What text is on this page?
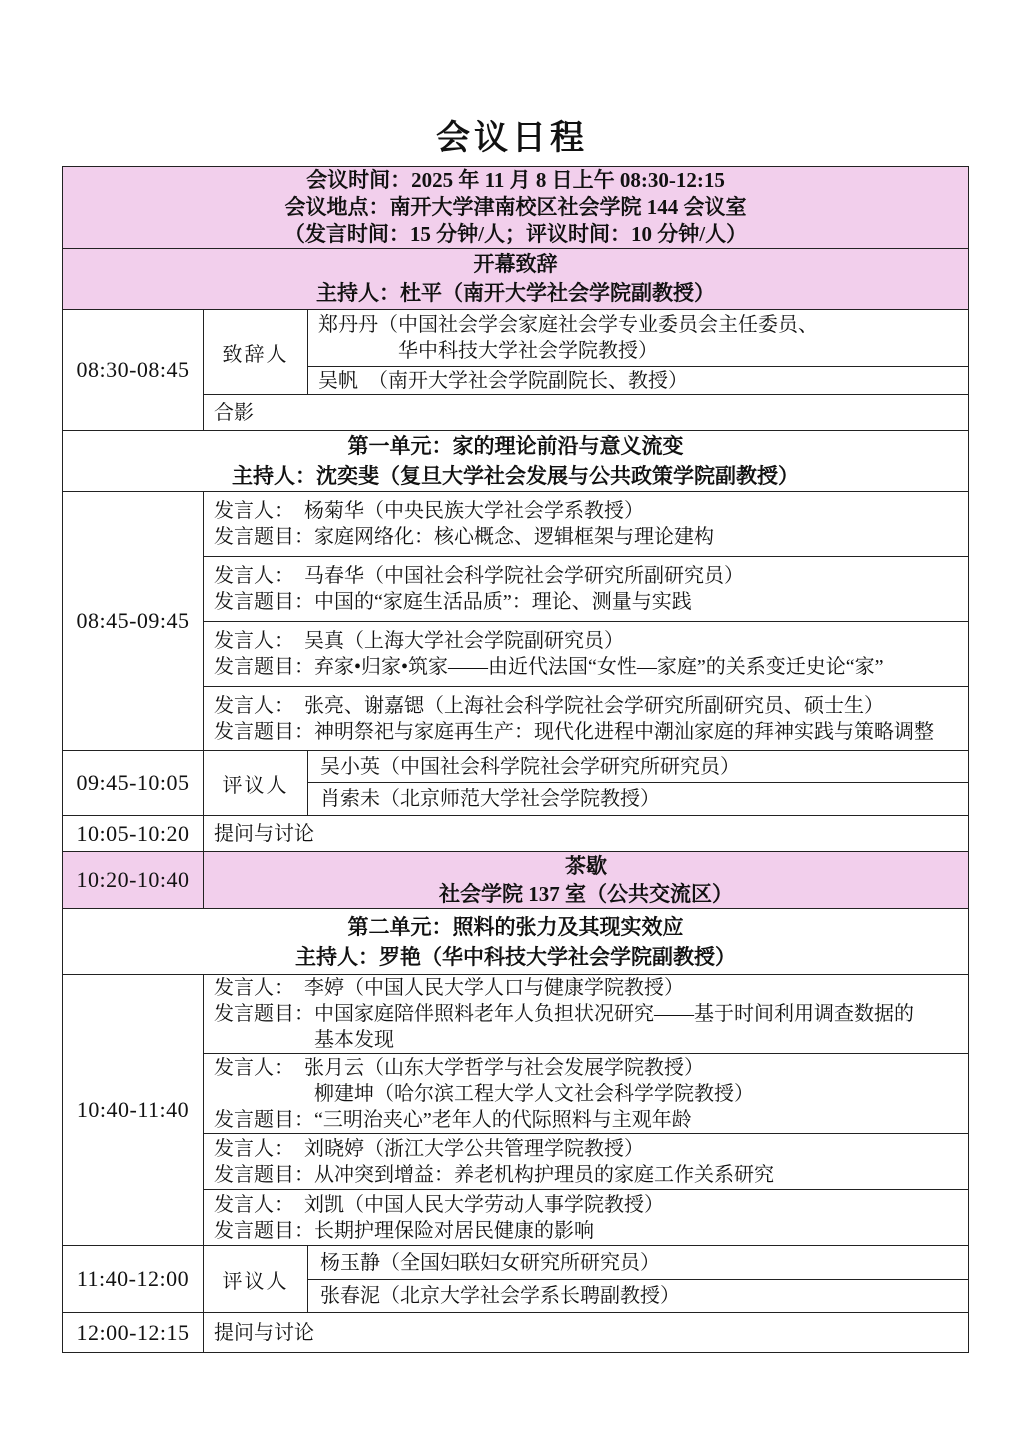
会议日程
会议时间：2025 年 11 月 8 日上午 08:30-12:15
会议地点：南开大学津南校区社会学院 144 会议室
（发言时间：15 分钟/人；评议时间：10 分钟/人）		

开幕致辞
主持人：杜平（南开大学社会学院副教授）		

08:30-08:45	致辞人	郑丹丹（中国社会学会家庭社会学专业委员会主任委员、
　　　　华中科技大学社会学院教授）

		吴帆　（南开大学社会学院副院长、教授）

	合影	

第一单元：家的理论前沿与意义流变
主持人：沈奕斐（复旦大学社会发展与公共政策学院副教授）		

08:45-09:45	发言人：　杨菊华（中央民族大学社会学系教授）
发言题目：家庭网络化：核心概念、逻辑框架与理论建构	

	发言人：　马春华（中国社会科学院社会学研究所副研究员）
发言题目：中国的“家庭生活品质”：理论、测量与实践	

	发言人：　吴真（上海大学社会学院副研究员）
发言题目：弃家•归家•筑家——由近代法国“女性—家庭”的关系变迁史论“家”	

	发言人：　张亮、谢嘉锶（上海社会科学院社会学研究所副研究员、硕士生）
发言题目：神明祭祀与家庭再生产：现代化进程中潮汕家庭的拜神实践与策略调整	

09:45-10:05	评议人	吴小英（中国社会科学院社会学研究所研究员）

		肖索未（北京师范大学社会学院教授）

10:05-10:20	提问与讨论	

10:20-10:40	茶歇
社会学院 137 室（公共交流区）	

第二单元：照料的张力及其现实效应
主持人：罗艳（华中科技大学社会学院副教授）		

10:40-11:40	发言人：　李婷（中国人民大学人口与健康学院教授）
发言题目：中国家庭陪伴照料老年人负担状况研究——基于时间利用调查数据的
　　　　　基本发现	

	发言人：　张月云（山东大学哲学与社会发展学院教授）
　　　　　柳建坤（哈尔滨工程大学人文社会科学学院教授）
发言题目：“三明治夹心”老年人的代际照料与主观年龄	

	发言人：　刘晓婷（浙江大学公共管理学院教授）
发言题目：从冲突到增益：养老机构护理员的家庭工作关系研究	

	发言人：　刘凯（中国人民大学劳动人事学院教授）
发言题目：长期护理保险对居民健康的影响	

11:40-12:00	评议人	杨玉静（全国妇联妇女研究所研究员）

		张春泥（北京大学社会学系长聘副教授）

12:00-12:15	提问与讨论	
